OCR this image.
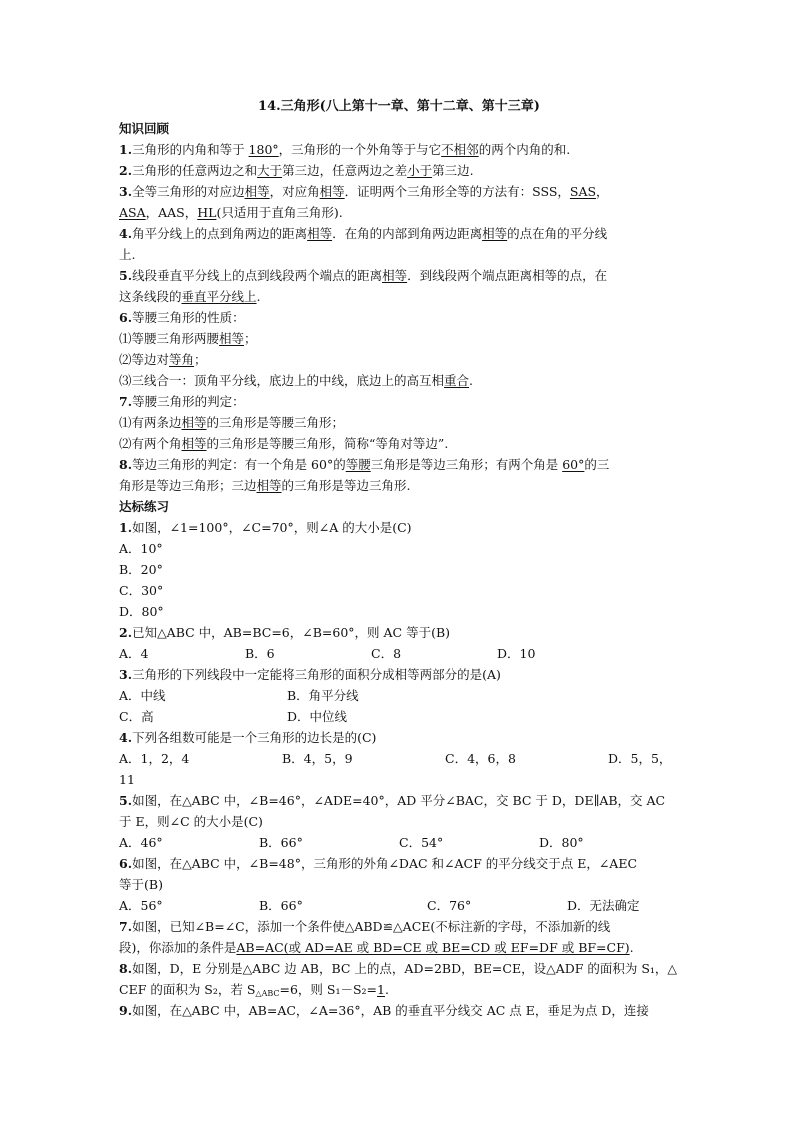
14.三角形(八上第十一章、第十二章、第十三章)
知识回顾
1.三角形的内角和等于 180°，三角形的一个外角等于与它不相邻的两个内角的和.
2.三角形的任意两边之和大于第三边，任意两边之差小于第三边.
3.全等三角形的对应边相等，对应角相等．证明两个三角形全等的方法有：SSS，SAS，
ASA，AAS，HL(只适用于直角三角形).
4.角平分线上的点到角两边的距离相等．在角的内部到角两边距离相等的点在角的平分线
上.
5.线段垂直平分线上的点到线段两个端点的距离相等．到线段两个端点距离相等的点，在
这条线段的垂直平分线上.
6.等腰三角形的性质：
⑴等腰三角形两腰相等；
⑵等边对等角；
⑶三线合一：顶角平分线，底边上的中线，底边上的高互相重合.
7.等腰三角形的判定：
⑴有两条边相等的三角形是等腰三角形；
⑵有两个角相等的三角形是等腰三角形，简称“等角对等边”.
8.等边三角形的判定：有一个角是 60°的等腰三角形是等边三角形；有两个角是 60°的三
角形是等边三角形；三边相等的三角形是等边三角形.
达标练习
1.如图，∠1=100°，∠C=70°，则∠A 的大小是(C)
A．10°
B．20°
C．30°
D．80°
2.已知△ABC 中，AB=BC=6，∠B=60°，则 AC 等于(B)
A．4	B．6	C．8	D．10
3.三角形的下列线段中一定能将三角形的面积分成相等两部分的是(A)
A．中线	B．角平分线
C．高	D．中位线
4.下列各组数可能是一个三角形的边长是的(C)
A．1，2，4	B．4，5，9	C．4，6，8	D．5，5，
11
5.如图，在△ABC 中，∠B=46°，∠ADE=40°，AD 平分∠BAC，交 BC 于 D，DE∥AB，交 AC
于 E，则∠C 的大小是(C)
A．46°	B．66°	C．54°	D．80°
6.如图，在△ABC 中，∠B=48°，三角形的外角∠DAC 和∠ACF 的平分线交于点 E，∠AEC
等于(B)
A．56°	B．66°	C．76°	D．无法确定
7.如图，已知∠B=∠C，添加一个条件使△ABD≌△ACE(不标注新的字母，不添加新的线
段)，你添加的条件是AB=AC(或 AD=AE 或 BD=CE 或 BE=CD 或 EF=DF 或 BF=CF).
8.如图，D，E 分别是△ABC 边 AB，BC 上的点，AD=2BD，BE=CE，设△ADF 的面积为 S₁，△
CEF 的面积为 S₂，若 $S_{\triangle ABC}=6$，则 S₁－S₂=1.
9.如图，在△ABC 中，AB=AC，∠A=36°，AB 的垂直平分线交 AC 点 E，垂足为点 D，连接
